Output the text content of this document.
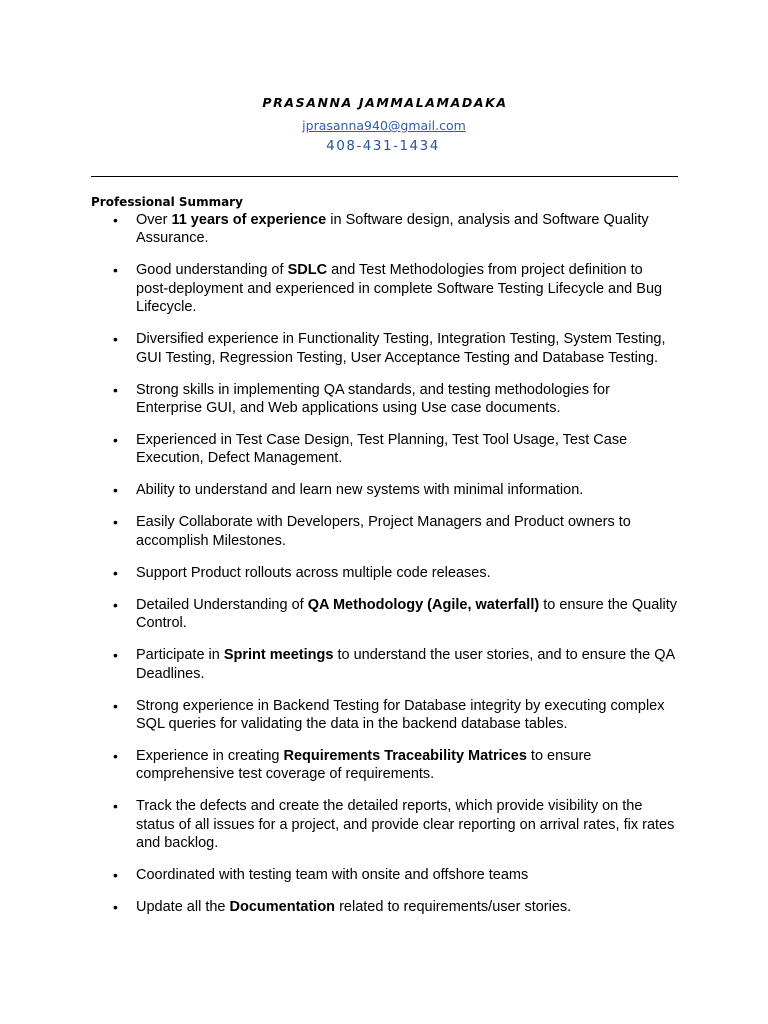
PRASANNA JAMMALAMADAKA
jprasanna940@gmail.com
408-431-1434
Professional Summary
• Over 11 years of experience in Software design, analysis and Software Quality Assurance.
• Good understanding of SDLC and Test Methodologies from project definition to post-deployment and experienced in complete Software Testing Lifecycle and Bug Lifecycle.
• Diversified experience in Functionality Testing, Integration Testing, System Testing, GUI Testing, Regression Testing, User Acceptance Testing and Database Testing.
• Strong skills in implementing QA standards, and testing methodologies for Enterprise GUI, and Web applications using Use case documents.
• Experienced in Test Case Design, Test Planning, Test Tool Usage, Test Case Execution, Defect Management.
• Ability to understand and learn new systems with minimal information.
• Easily Collaborate with Developers, Project Managers and Product owners to accomplish Milestones.
• Support Product rollouts across multiple code releases.
• Detailed Understanding of QA Methodology (Agile, waterfall) to ensure the Quality Control.
• Participate in Sprint meetings to understand the user stories, and to ensure the QA Deadlines.
• Strong experience in Backend Testing for Database integrity by executing complex SQL queries for validating the data in the backend database tables.
• Experience in creating Requirements Traceability Matrices to ensure comprehensive test coverage of requirements.
• Track the defects and create the detailed reports, which provide visibility on the status of all issues for a project, and provide clear reporting on arrival rates, fix rates and backlog.
• Coordinated with testing team with onsite and offshore teams
• Update all the Documentation related to requirements/user stories.
